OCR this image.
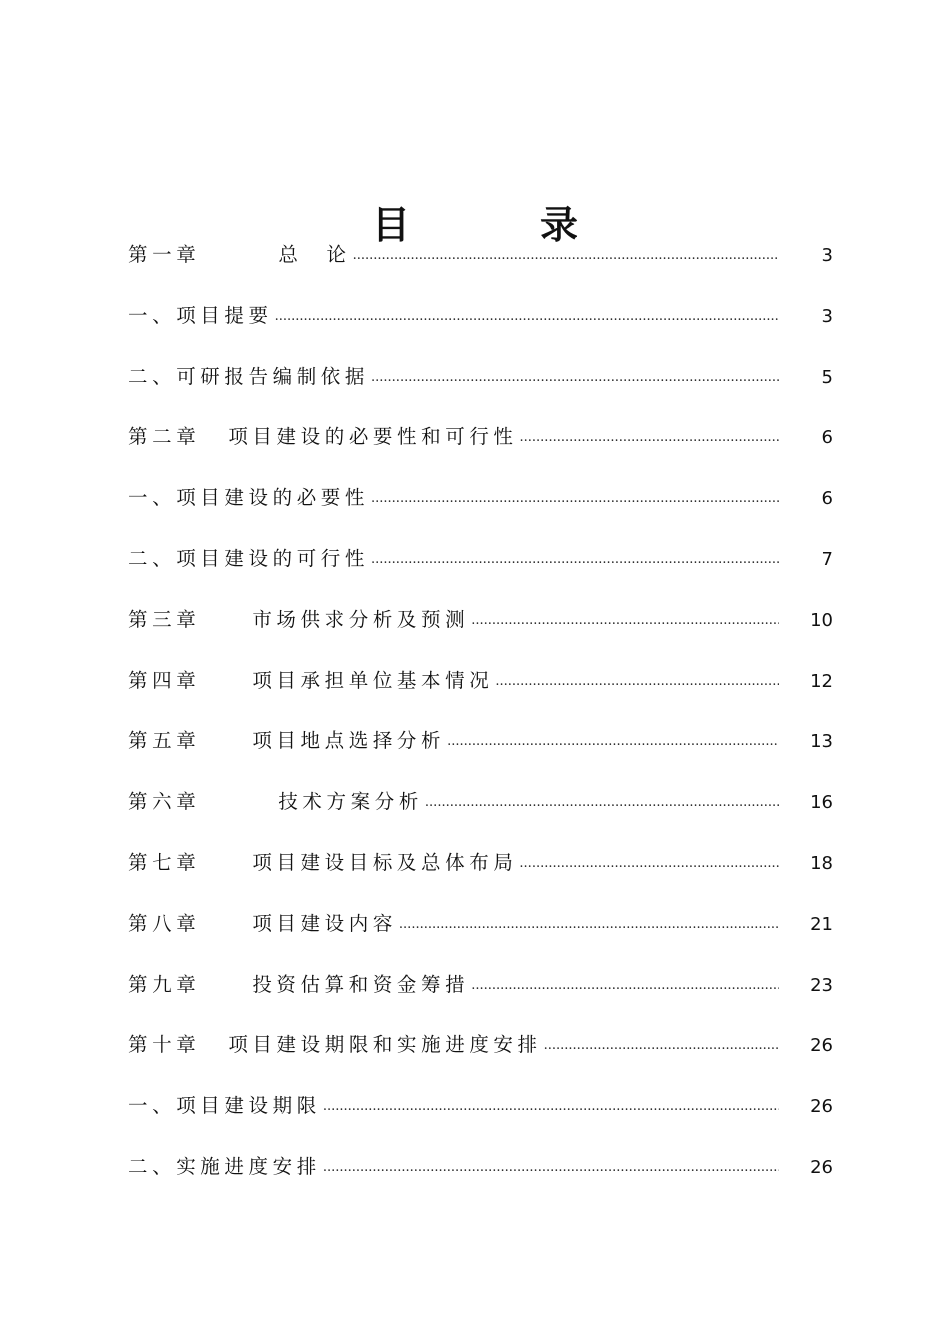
目　录
第一章	总　论 .....	3
一、项目提要 .....	3
二、可研报告编制依据 .....	5
第二章 项目建设的必要性和可行性 .....	6
一、项目建设的必要性 .....	6
二、项目建设的可行性 .....	7
第三章	市场供求分析及预测 .....	10
第四章	项目承担单位基本情况 .....	12
第五章	项目地点选择分析 .....	13
第六章	技术方案分析 .....	16
第七章	项目建设目标及总体布局 .....	18
第八章	项目建设内容 .....	21
第九章	投资估算和资金筹措 .....	23
第十章 项目建设期限和实施进度安排 .....	26
一、项目建设期限 .....	26
二、实施进度安排 .....	26
